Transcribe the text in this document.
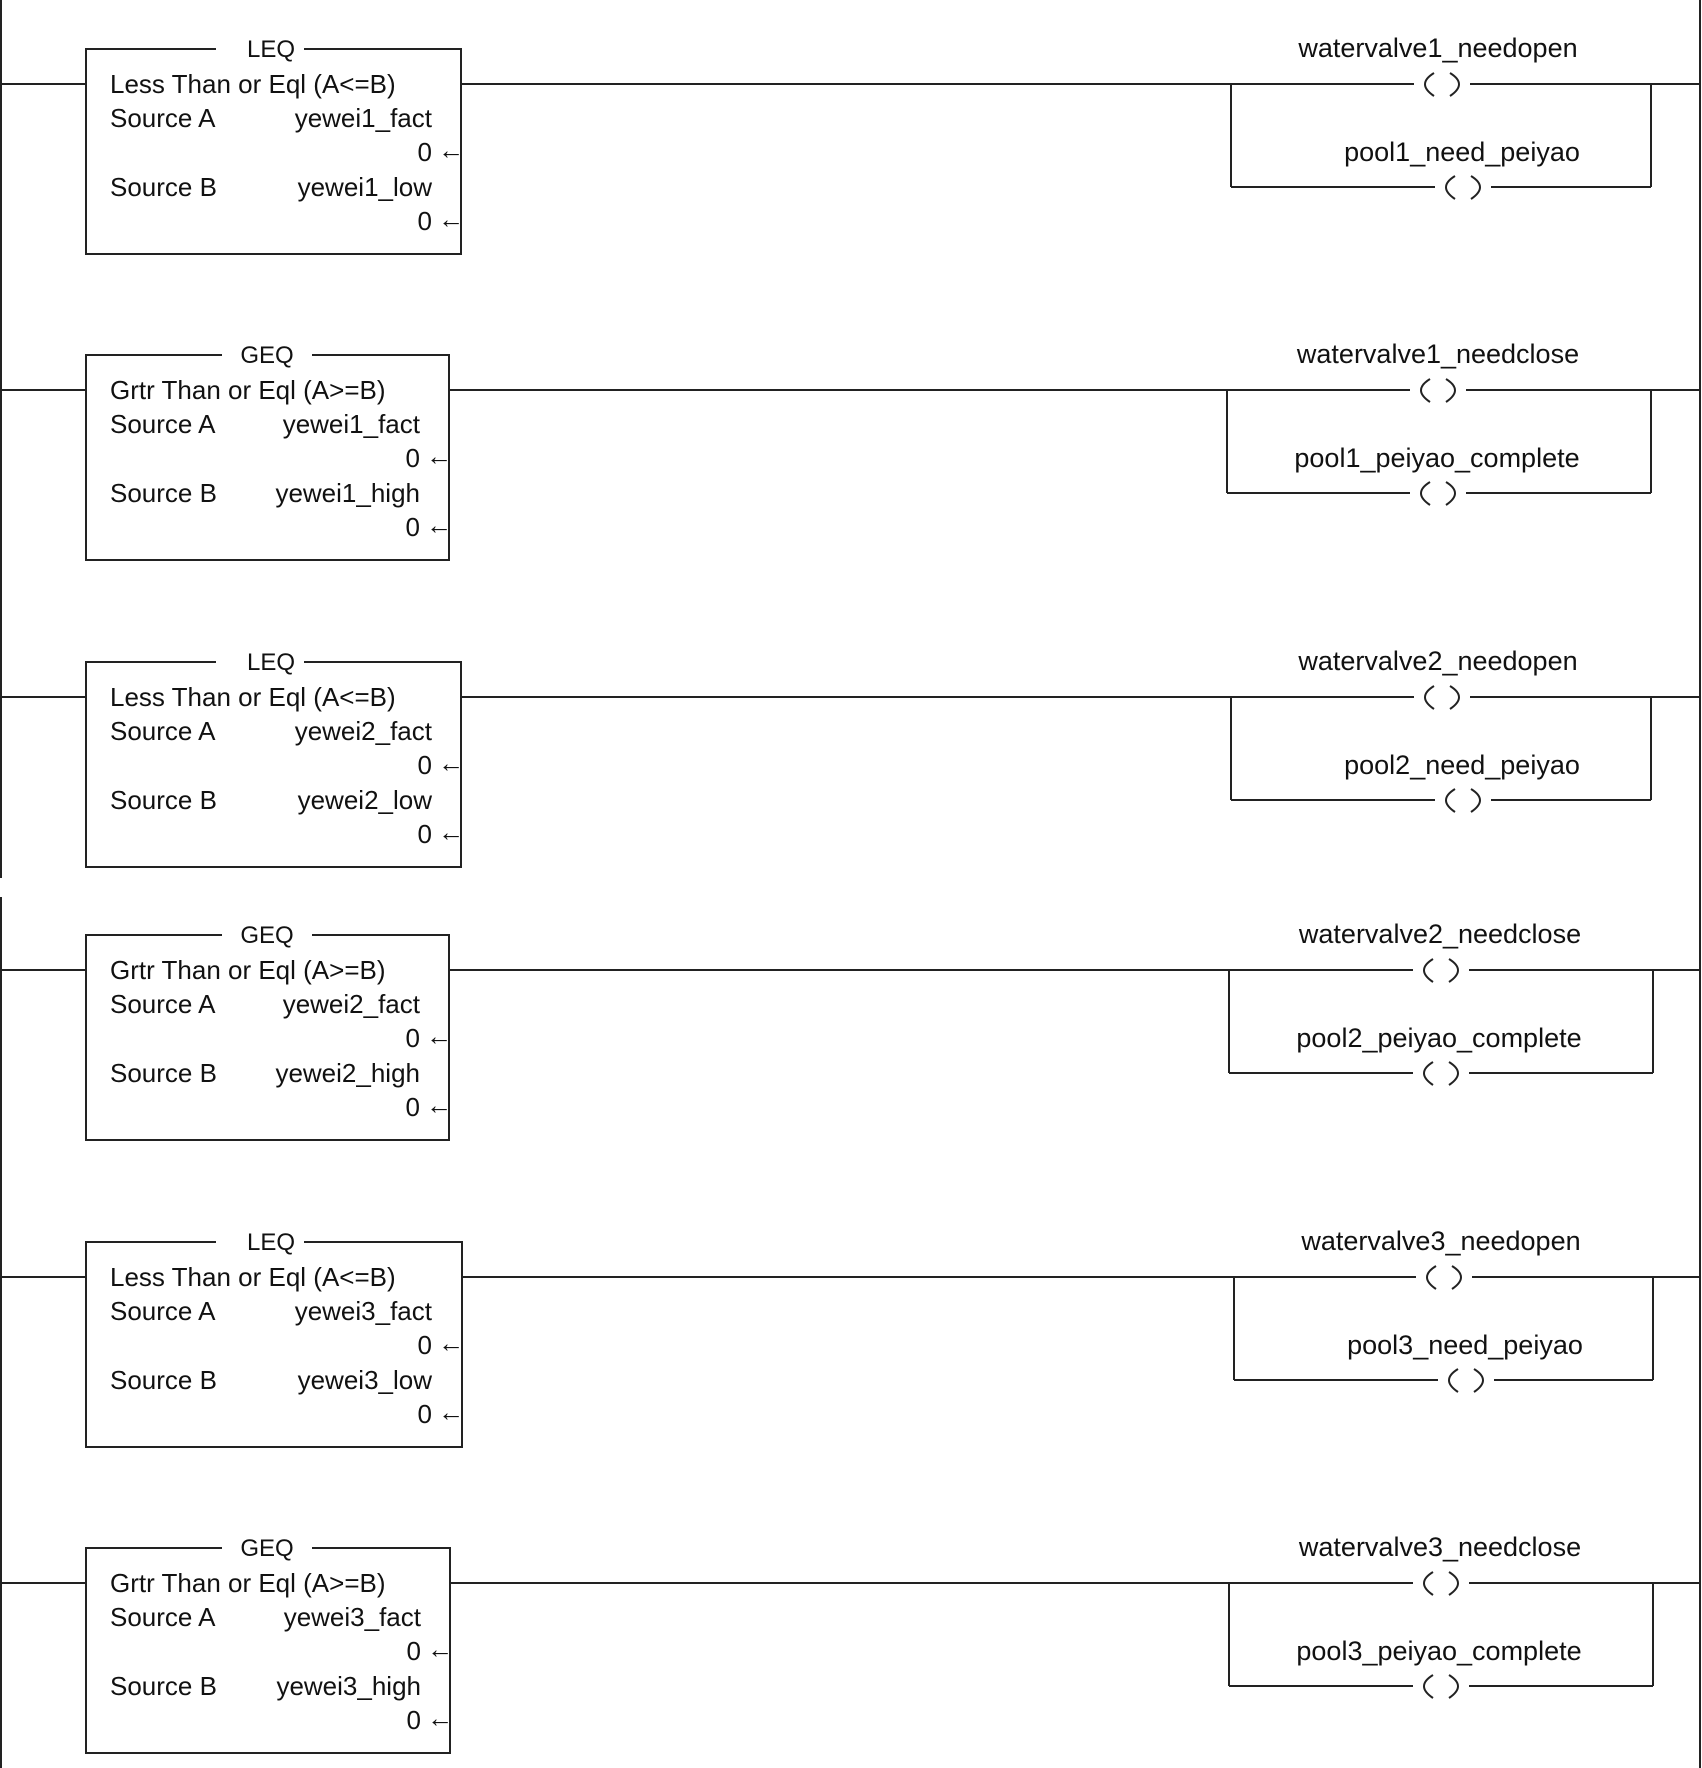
LEQ
Less Than or Eql (A<=B)
Source A	yewei1_fact
0 ←
Source B	yewei1_low
0 ←
watervalve1_needopen
pool1_need_peiyao
GEQ
Grtr Than or Eql (A>=B)
Source A	yewei1_fact
0 ←
Source B yewei1_high
0 ←
watervalve1_needclose
pool1_peiyao_complete
LEQ
Less Than or Eql (A<=B)
Source A	yewei2_fact
0 ←
Source B	yewei2_low
0 ←
watervalve2_needopen
pool2_need_peiyao
GEQ
Grtr Than or Eql (A>=B)
Source A	yewei2_fact
0 ←
Source B yewei2_high
0 ←
watervalve2_needclose
pool2_peiyao_complete
LEQ
Less Than or Eql (A<=B)
Source A	yewei3_fact
0 ←
Source B	yewei3_low
0 ←
watervalve3_needopen
pool3_need_peiyao
GEQ
Grtr Than or Eql (A>=B)
Source A	yewei3_fact
0 ←
Source B yewei3_high
0 ←
watervalve3_needclose
pool3_peiyao_complete
